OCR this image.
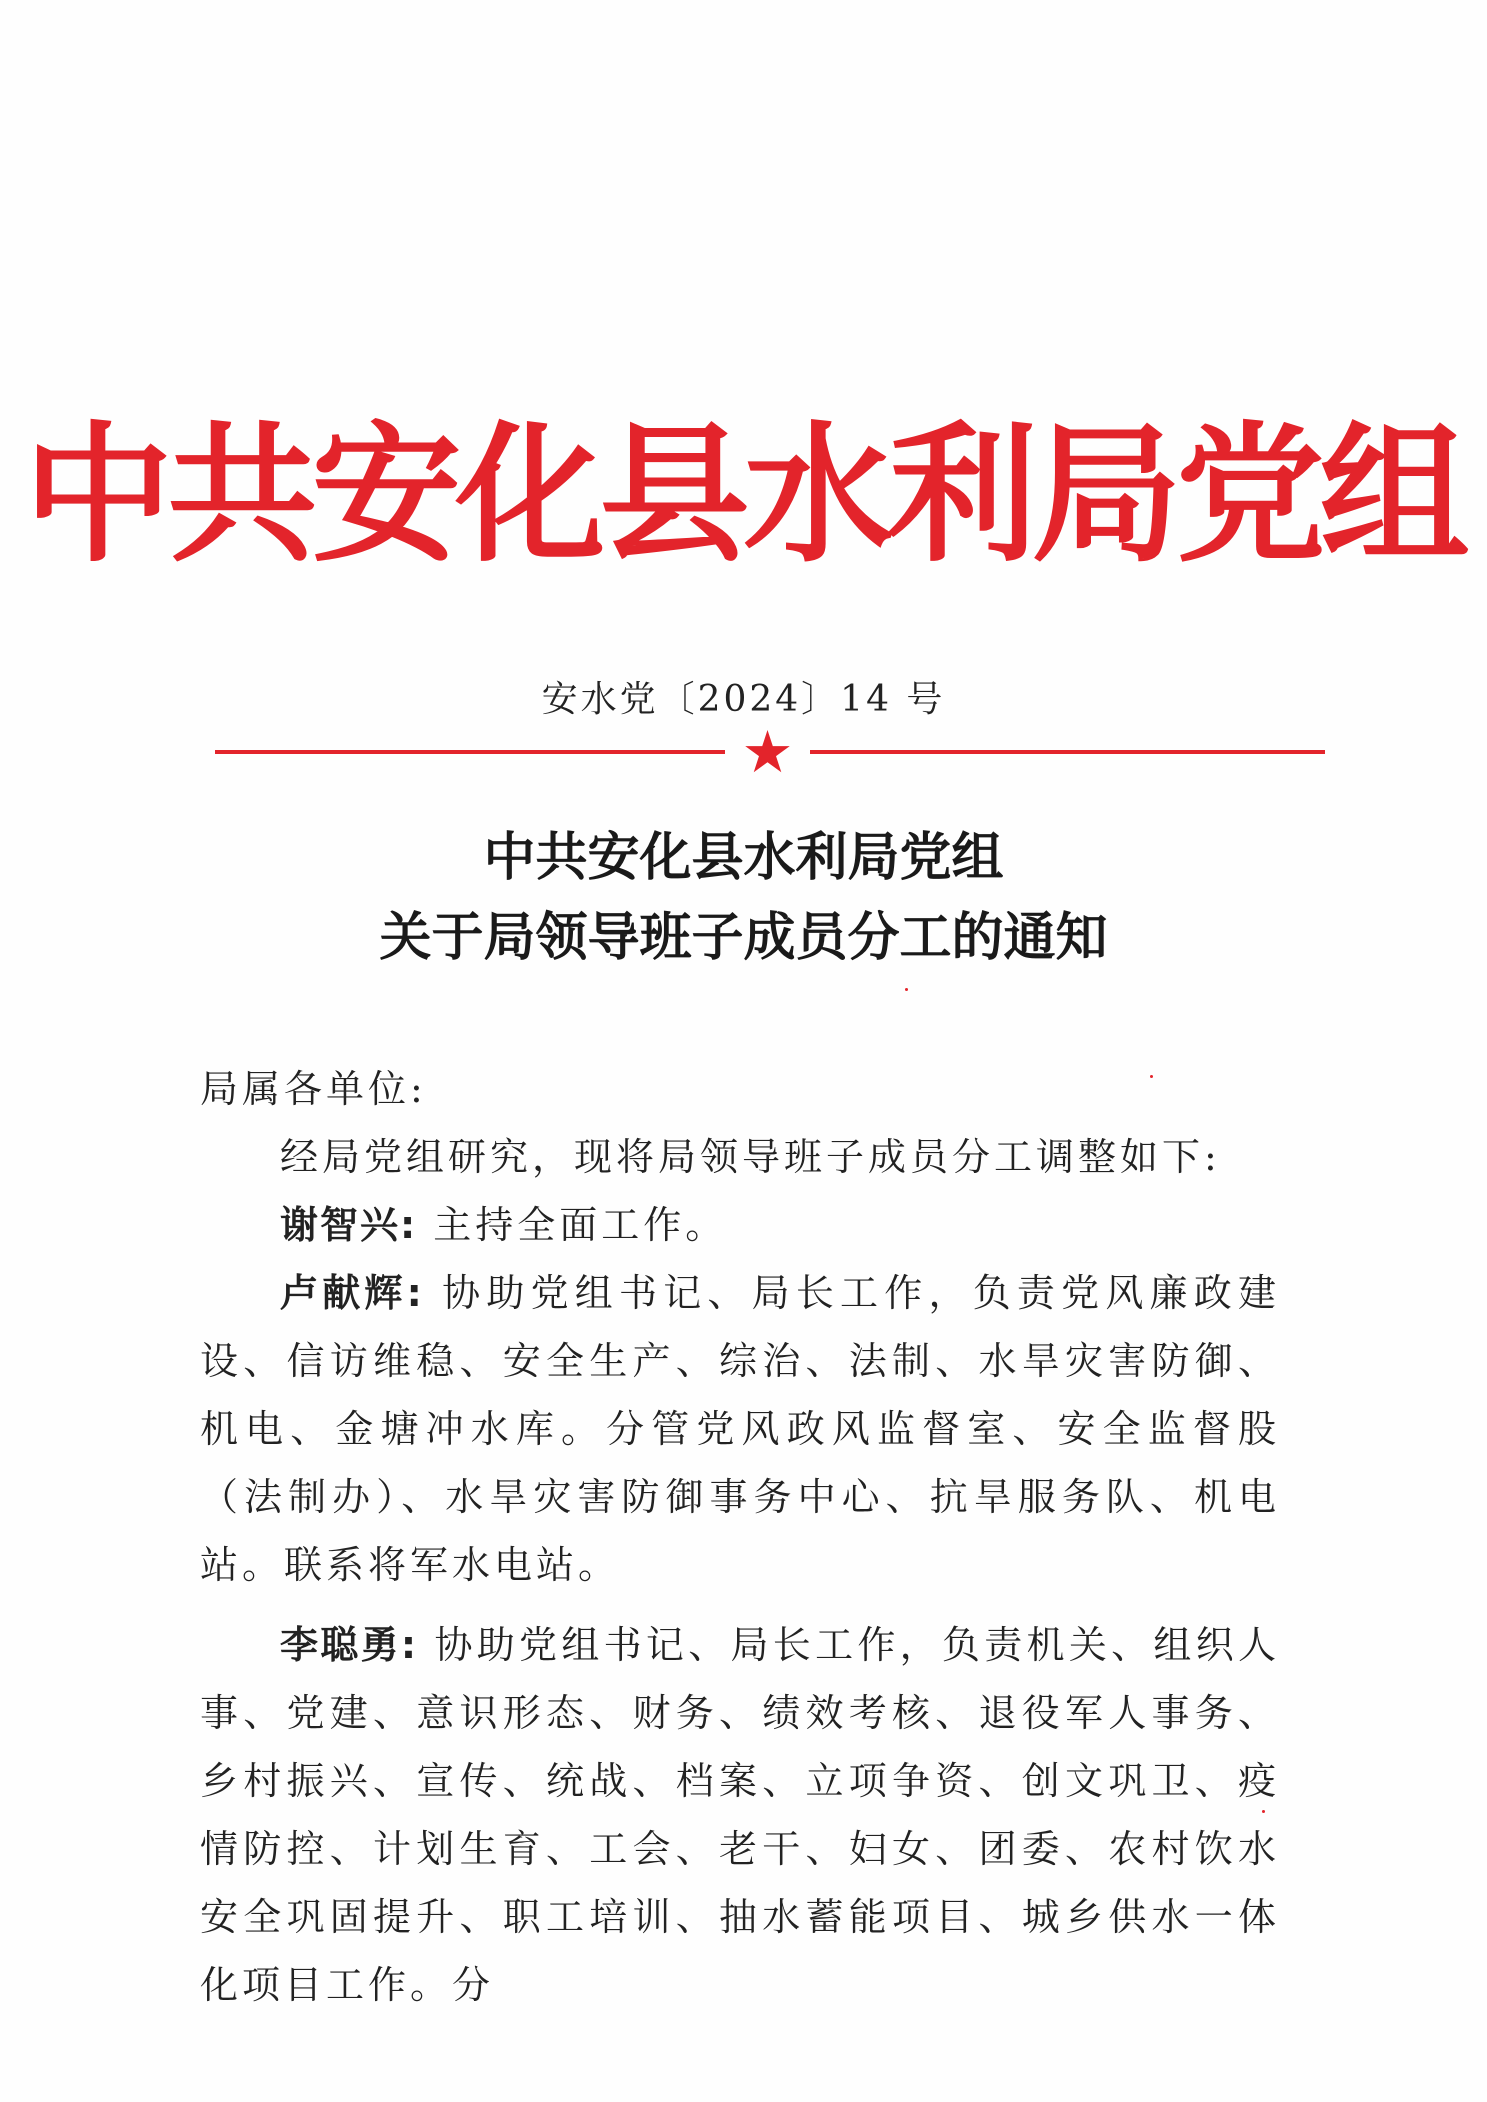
中共安化县水利局党组
安水党〔2024〕14 号
★
中共安化县水利局党组
关于局领导班子成员分工的通知

局属各单位:

经局党组研究，现将局领导班子成员分工调整如下:

谢智兴: 主持全面工作。

卢献辉: 协助党组书记、局长工作，负责党风廉政建设、信访维稳、安全生产、综治、法制、水旱灾害防御、机电、金塘冲水库。分管党风政风监督室、安全监督股（法制办）、水旱灾害防御事务中心、抗旱服务队、机电站。联系将军水电站。

李聪勇: 协助党组书记、局长工作，负责机关、组织人事、党建、意识形态、财务、绩效考核、退役军人事务、乡村振兴、宣传、统战、档案、立项争资、创文巩卫、疫情防控、计划生育、工会、老干、妇女、团委、农村饮水安全巩固提升、职工培训、抽水蓄能项目、城乡供水一体化项目工作。分
